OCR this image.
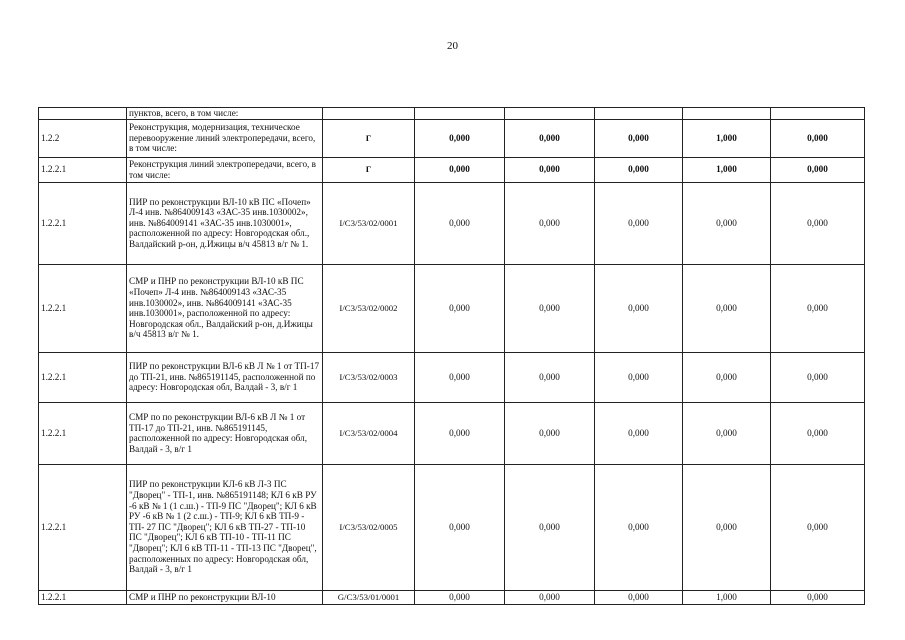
20
	пунктов, всего, в том числе:						
1.2.2	Реконструкция, модернизация, техническое перевооружение линий электропередачи, всего, в том числе:	Г	0,000	0,000	0,000	1,000	0,000
1.2.2.1	Реконструкция линий электропередачи, всего, в том числе:	Г	0,000	0,000	0,000	1,000	0,000
1.2.2.1	ПИР по реконструкции ВЛ-10 кВ ПС «Почеп» Л-4 инв. №864009143 «ЗАС-35 инв.1030002», инв. №864009141 «ЗАС-35 инв.1030001», расположенной по адресу: Новгородская обл., Валдайский р-он, д.Ижицы в/ч 45813 в/г № 1.	I/C3/53/02/0001	0,000	0,000	0,000	0,000	0,000
1.2.2.1	СМР и ПНР по реконструкции ВЛ-10 кВ ПС «Почеп» Л-4 инв. №864009143 «ЗАС-35 инв.1030002», инв. №864009141 «ЗАС-35 инв.1030001», расположенной по адресу: Новгородская обл., Валдайский р-он, д.Ижицы в/ч 45813 в/г № 1.	I/C3/53/02/0002	0,000	0,000	0,000	0,000	0,000
1.2.2.1	ПИР по реконструкции ВЛ-6 кВ Л № 1 от ТП-17 до ТП-21, инв. №865191145, расположенной по адресу: Новгородская обл, Валдай - 3, в/г 1	I/C3/53/02/0003	0,000	0,000	0,000	0,000	0,000
1.2.2.1	СМР по по реконструкции ВЛ-6 кВ Л № 1 от ТП-17 до ТП-21, инв. №865191145, расположенной по адресу: Новгородская обл, Валдай - 3, в/г 1	I/C3/53/02/0004	0,000	0,000	0,000	0,000	0,000
1.2.2.1	ПИР по реконструкции КЛ-6 кВ Л-3 ПС "Дворец" - ТП-1, инв. №865191148; КЛ 6 кВ РУ -6 кВ № 1 (1 с.ш.) - ТП-9 ПС "Дворец"; КЛ 6 кВ РУ -6 кВ № 1 (2 с.ш.) - ТП-9; КЛ 6 кВ ТП-9 - ТП- 27 ПС "Дворец"; КЛ 6 кВ ТП-27 - ТП-10 ПС "Дворец"; КЛ 6 кВ ТП-10 - ТП-11 ПС "Дворец"; КЛ 6 кВ ТП-11 - ТП-13 ПС "Дворец", расположенных по адресу: Новгородская обл, Валдай - 3, в/г 1	I/C3/53/02/0005	0,000	0,000	0,000	0,000	0,000
1.2.2.1	СМР и ПНР по реконструкции ВЛ-10	G/C3/53/01/0001	0,000	0,000	0,000	1,000	0,000
